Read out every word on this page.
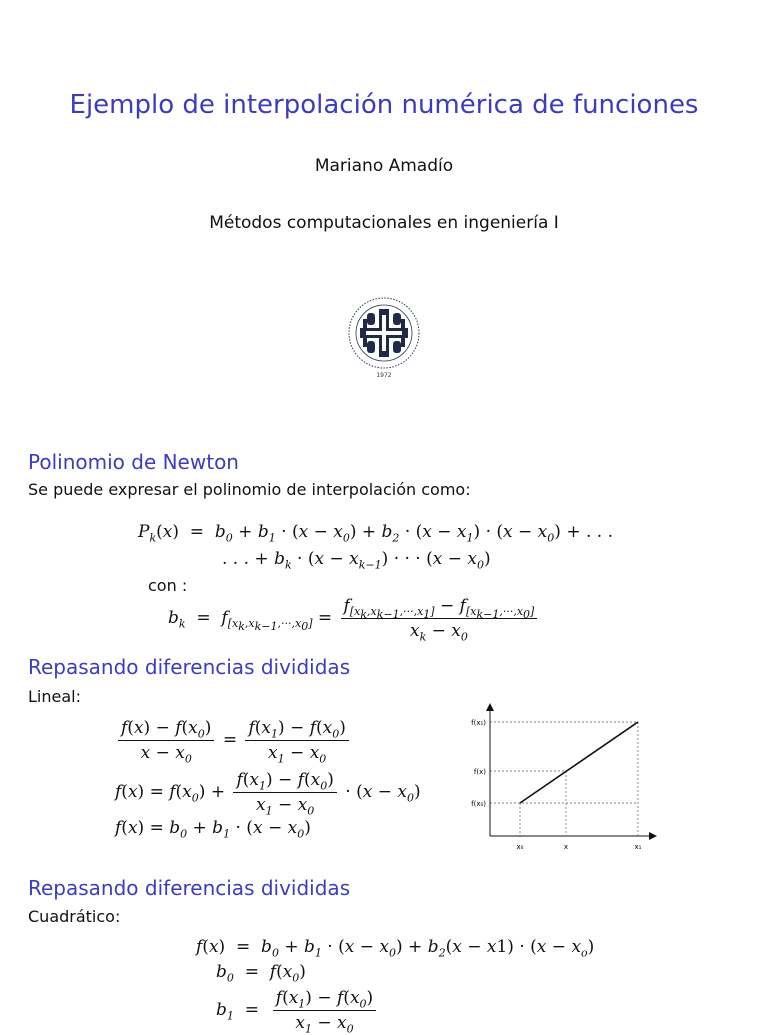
Ejemplo de interpolación numérica de funciones
Mariano Amadío
Métodos computacionales en ingeniería I
1972
Polinomio de Newton
Se puede expresar el polinomio de interpolación como:
$P_k(x) = b_0 + b_1 \cdot (x - x_0) + b_2 \cdot (x - x_1) \cdot (x - x_0)$ + . . .
. . . + $b_k \cdot (x - x_{k-1})$ · · · $(x - x_0)$
con :
$b_k = f_{[x_k,x_{k-1},\cdot\cdot\cdot,x_0]} = \frac{f_{[x_k,x_{k-1},\cdot\cdot\cdot,x_1]} - f_{[x_{k-1},\cdot\cdot\cdot,x_0]}}{x_k - x_0}$
Repasando diferencias divididas
Lineal:
$\frac{f(x) - f(x_0)}{x - x_0} = \frac{f(x_1) - f(x_0)}{x_1 - x_0}$
$f(x) = f(x_0) + \frac{f(x_1) - f(x_0)}{x_1 - x_0} \cdot (x - x_0)$
$f(x) = b_0 + b_1 \cdot (x - x_0)$
f(x₁)
f(x)
f(x₀)
x₀	x	x₁
Repasando diferencias divididas
Cuadrático:
$f(x) = b_0 + b_1 \cdot (x - x_0) + b_2(x - x1) \cdot (x - x_o)$
$b_0 = f(x_0)$
$b_1 = \frac{f(x_1) - f(x_0)}{x_1 - x_0}$
